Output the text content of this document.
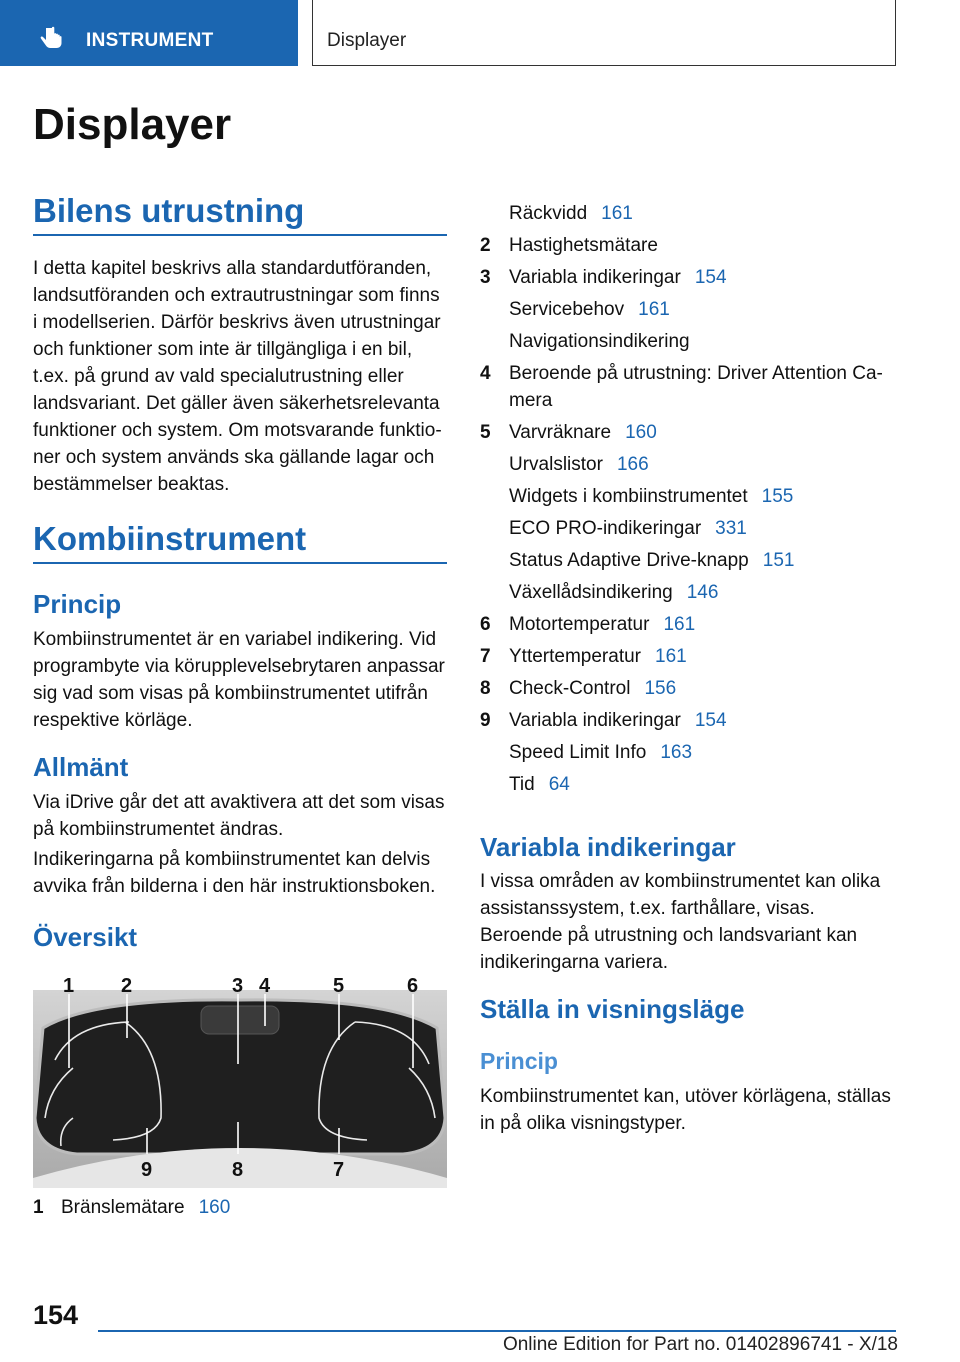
INSTRUMENT	Displayer
Displayer
Bilens utrustning
I detta kapitel beskrivs alla standardutföranden, landsutföranden och extrautrustningar som finns i modellserien. Därför beskrivs även utrustningar och funktioner som inte är tillgängliga i en bil, t.ex. på grund av vald specialutrustning eller landsvariant. Det gäller även säkerhetsrelevanta funktioner och system. Om motsvarande funktio-ner och system används ska gällande lagar och bestämmelser beaktas.
Kombiinstrument
Princip
Kombiinstrumentet är en variabel indikering. Vid programbyte via körupplevelsebrytaren anpassar sig vad som visas på kombiinstrumentet utifrån respektive körläge.
Allmänt
Via iDrive går det att avaktivera att det som visas på kombiinstrumentet ändras.
Indikeringarna på kombiinstrumentet kan delvis avvika från bilderna i den här instruktionsboken.
Översikt
1 2	3 4	5	6
9	8	7
1 Bränslemätare 160
Räckvidd 161
2 Hastighetsmätare
3 Variabla indikeringar 154
Servicebehov 161
Navigationsindikering
4 Beroende på utrustning: Driver Attention Ca-mera
5 Varvräknare 160
Urvalslistor 166
Widgets i kombiinstrumentet 155
ECO PRO-indikeringar 331
Status Adaptive Drive-knapp 151
Växellådsindikering 146
6 Motortemperatur 161
7 Yttertemperatur 161
8 Check-Control 156
9 Variabla indikeringar 154
Speed Limit Info 163
Tid 64
Variabla indikeringar
I vissa områden av kombiinstrumentet kan olika assistanssystem, t.ex. farthållare, visas. Beroende på utrustning och landsvariant kan indikeringarna variera.
Ställa in visningsläge
Princip
Kombiinstrumentet kan, utöver körlägena, ställas in på olika visningstyper.
154
Online Edition for Part no. 01402896741 - X/18
